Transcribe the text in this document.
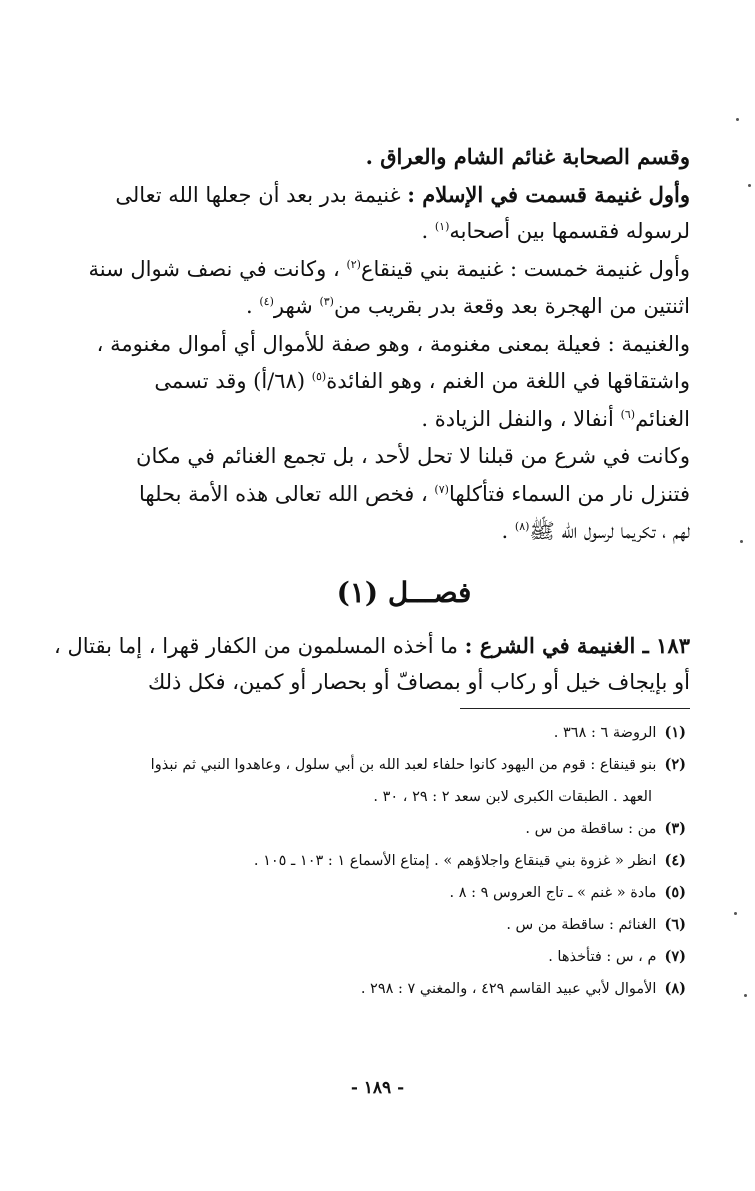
وقسم الصحابة غنائم الشام والعراق .
وأول غنيمة قسمت في الإسلام : غنيمة بدر بعد أن جعلها الله تعالى
لرسوله فقسمها بين أصحابه$^{(١)}$ .
وأول غنيمة خمست : غنيمة بني قينقاع$^{(٢)}$ ، وكانت في نصف شوال سنة
اثنتين من الهجرة بعد وقعة بدر بقريب من$^{(٣)}$ شهر$^{(٤)}$ .
والغنيمة : فعيلة بمعنى مغنومة ، وهو صفة للأموال أي أموال مغنومة ،
واشتقاقها في اللغة من الغنم ، وهو الفائدة$^{(٥)}$ (٦٨/أ) وقد تسمى
الغنائم$^{(٦)}$ أنفالا ، والنفل الزيادة .
وكانت في شرع من قبلنا لا تحل لأحد ، بل تجمع الغنائم في مكان
فتنزل نار من السماء فتأكلها$^{(٧)}$ ، فخص الله تعالى هذه الأمة بحلها
لهم ، تكريما لرسول الله ﷺ$^{(٨)}$ .
فصـــل (١)
١٨٣ ـ الغنيمة في الشرع : ما أخذه المسلمون من الكفار قهرا ، إما بقتال ،
أو بإيجاف خيل أو ركاب أو بمصافّ أو بحصار أو كمين، فكل ذلك
(١)الروضة ٦ : ٣٦٨ .
(٢)بنو قينقاع : قوم من اليهود كانوا حلفاء لعبد الله بن أبي سلول ، وعاهدوا النبي ثم نبذوا
العهد . الطبقات الكبرى لابن سعد ٢ : ٢٩ ، ٣٠ .
(٣)من : ساقطة من س .
(٤)انظر « غزوة بني قينقاع واجلاؤهم » . إمتاع الأسماع ١ : ١٠٣ ـ ١٠٥ .
(٥)مادة « غنم » ـ تاج العروس ٩ : ٨ .
(٦)الغنائم : ساقطة من س .
(٧)م ، س : فتأخذها .
(٨)الأموال لأبي عبيد القاسم ٤٢٩ ، والمغني ٧ : ٢٩٨ .
- ١٨٩ -
